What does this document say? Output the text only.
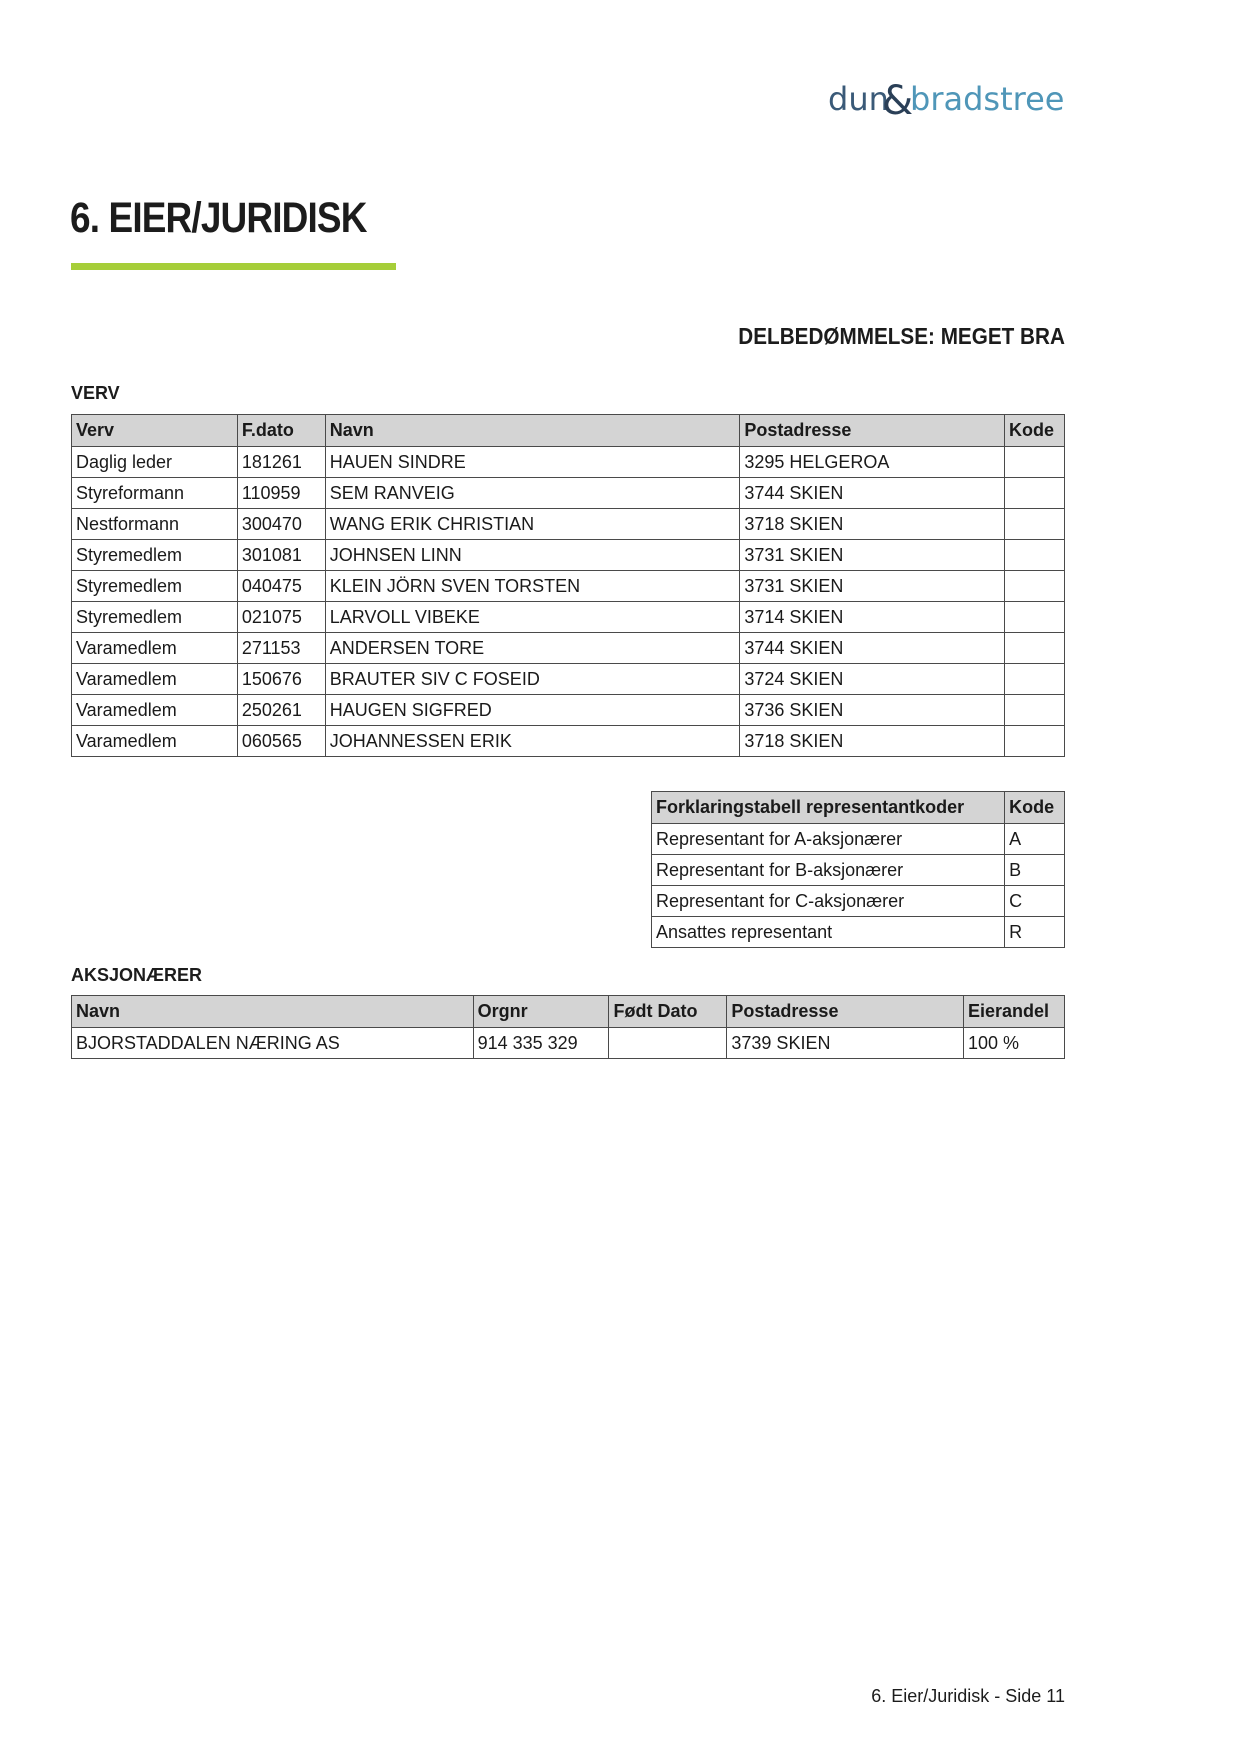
dun
&
bradstreet
6. EIER/JURIDISK
DELBEDØMMELSE: MEGET BRA
VERV
Verv	F.dato	Navn	Postadresse	Kode
Daglig leder	181261	HAUEN SINDRE	3295 HELGEROA	
Styreformann	110959	SEM RANVEIG	3744 SKIEN	
Nestformann	300470	WANG ERIK CHRISTIAN	3718 SKIEN	
Styremedlem	301081	JOHNSEN LINN	3731 SKIEN	
Styremedlem	040475	KLEIN JÖRN SVEN TORSTEN	3731 SKIEN	
Styremedlem	021075	LARVOLL VIBEKE	3714 SKIEN	
Varamedlem	271153	ANDERSEN TORE	3744 SKIEN	
Varamedlem	150676	BRAUTER SIV C FOSEID	3724 SKIEN	
Varamedlem	250261	HAUGEN SIGFRED	3736 SKIEN	
Varamedlem	060565	JOHANNESSEN ERIK	3718 SKIEN	
Forklaringstabell representantkoder	Kode
Representant for A-aksjonærer	A
Representant for B-aksjonærer	B
Representant for C-aksjonærer	C
Ansattes representant	R
AKSJONÆRER
Navn	Orgnr	Født Dato	Postadresse	Eierandel
BJORSTADDALEN NÆRING AS	914 335 329		3739 SKIEN	100 %

6. Eier/Juridisk - Side 11
